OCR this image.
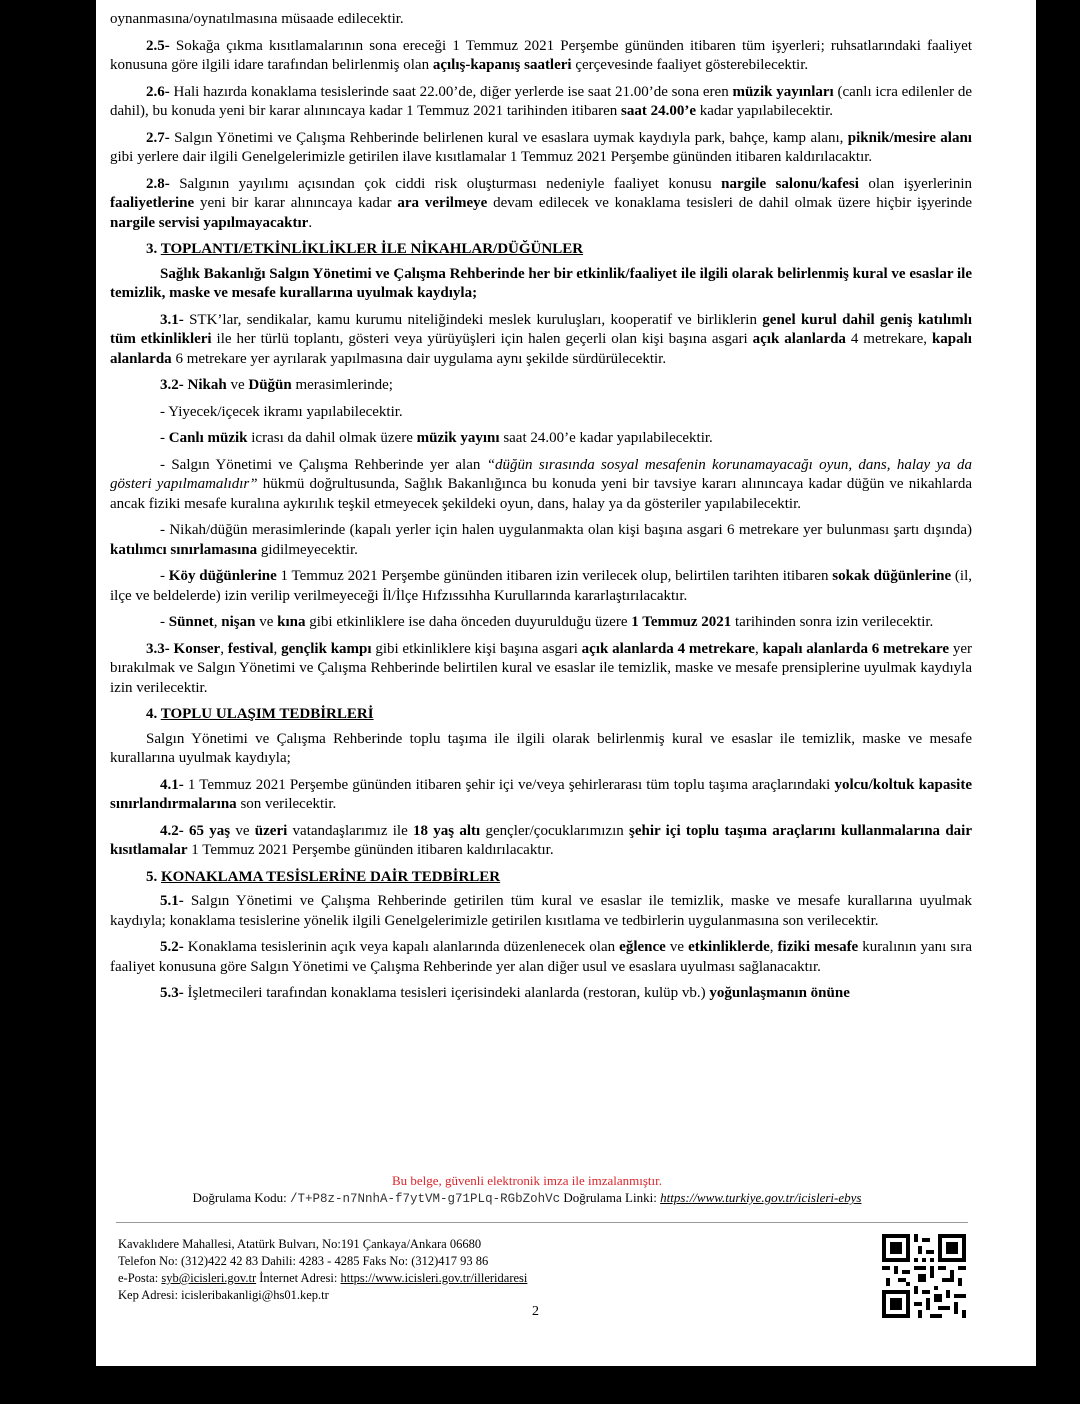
oynanmasına/oynatılmasına müsaade edilecektir.

2.5- Sokağa çıkma kısıtlamalarının sona ereceği 1 Temmuz 2021 Perşembe gününden itibaren tüm işyerleri; ruhsatlarındaki faaliyet konusuna göre ilgili idare tarafından belirlenmiş olan açılış-kapanış saatleri çerçevesinde faaliyet gösterebilecektir.

2.6- Hali hazırda konaklama tesislerinde saat 22.00’de, diğer yerlerde ise saat 21.00’de sona eren müzik yayınları (canlı icra edilenler de dahil), bu konuda yeni bir karar alınıncaya kadar 1 Temmuz 2021 tarihinden itibaren saat 24.00’e kadar yapılabilecektir.

2.7- Salgın Yönetimi ve Çalışma Rehberinde belirlenen kural ve esaslara uymak kaydıyla park, bahçe, kamp alanı, piknik/mesire alanı gibi yerlere dair ilgili Genelgelerimizle getirilen ilave kısıtlamalar 1 Temmuz 2021 Perşembe gününden itibaren kaldırılacaktır.

2.8- Salgının yayılımı açısından çok ciddi risk oluşturması nedeniyle faaliyet konusu nargile salonu/kafesi olan işyerlerinin faaliyetlerine yeni bir karar alınıncaya kadar ara verilmeye devam edilecek ve konaklama tesisleri de dahil olmak üzere hiçbir işyerinde nargile servisi yapılmayacaktır.

3. TOPLANTI/ETKİNLİKLİKLER İLE NİKAHLAR/DÜĞÜNLER

Sağlık Bakanlığı Salgın Yönetimi ve Çalışma Rehberinde her bir etkinlik/faaliyet ile ilgili olarak belirlenmiş kural ve esaslar ile temizlik, maske ve mesafe kurallarına uyulmak kaydıyla;

3.1- STK’lar, sendikalar, kamu kurumu niteliğindeki meslek kuruluşları, kooperatif ve birliklerin genel kurul dahil geniş katılımlı tüm etkinlikleri ile her türlü toplantı, gösteri veya yürüyüşleri için halen geçerli olan kişi başına asgari açık alanlarda 4 metrekare, kapalı alanlarda 6 metrekare yer ayrılarak yapılmasına dair uygulama aynı şekilde sürdürülecektir.

3.2- Nikah ve Düğün merasimlerinde;

- Yiyecek/içecek ikramı yapılabilecektir.

- Canlı müzik icrası da dahil olmak üzere müzik yayını saat 24.00’e kadar yapılabilecektir.

- Salgın Yönetimi ve Çalışma Rehberinde yer alan “düğün sırasında sosyal mesafenin korunamayacağı oyun, dans, halay ya da gösteri yapılmamalıdır” hükmü doğrultusunda, Sağlık Bakanlığınca bu konuda yeni bir tavsiye kararı alınıncaya kadar düğün ve nikahlarda ancak fiziki mesafe kuralına aykırılık teşkil etmeyecek şekildeki oyun, dans, halay ya da gösteriler yapılabilecektir.

- Nikah/düğün merasimlerinde (kapalı yerler için halen uygulanmakta olan kişi başına asgari 6 metrekare yer bulunması şartı dışında) katılımcı sınırlamasına gidilmeyecektir.

- Köy düğünlerine 1 Temmuz 2021 Perşembe gününden itibaren izin verilecek olup, belirtilen tarihten itibaren sokak düğünlerine (il, ilçe ve beldelerde) izin verilip verilmeyeceği İl/İlçe Hıfzıssıhha Kurullarında kararlaştırılacaktır.

- Sünnet, nişan ve kına gibi etkinliklere ise daha önceden duyurulduğu üzere 1 Temmuz 2021 tarihinden sonra izin verilecektir.

3.3- Konser, festival, gençlik kampı gibi etkinliklere kişi başına asgari açık alanlarda 4 metrekare, kapalı alanlarda 6 metrekare yer bırakılmak ve Salgın Yönetimi ve Çalışma Rehberinde belirtilen kural ve esaslar ile temizlik, maske ve mesafe prensiplerine uyulmak kaydıyla izin verilecektir.

4. TOPLU ULAŞIM TEDBİRLERİ

Salgın Yönetimi ve Çalışma Rehberinde toplu taşıma ile ilgili olarak belirlenmiş kural ve esaslar ile temizlik, maske ve mesafe kurallarına uyulmak kaydıyla;

4.1- 1 Temmuz 2021 Perşembe gününden itibaren şehir içi ve/veya şehirlerarası tüm toplu taşıma araçlarındaki yolcu/koltuk kapasite sınırlandırmalarına son verilecektir.

4.2- 65 yaş ve üzeri vatandaşlarımız ile 18 yaş altı gençler/çocuklarımızın şehir içi toplu taşıma araçlarını kullanmalarına dair kısıtlamalar 1 Temmuz 2021 Perşembe gününden itibaren kaldırılacaktır.

5. KONAKLAMA TESİSLERİNE DAİR TEDBİRLER

5.1- Salgın Yönetimi ve Çalışma Rehberinde getirilen tüm kural ve esaslar ile temizlik, maske ve mesafe kurallarına uyulmak kaydıyla; konaklama tesislerine yönelik ilgili Genelgelerimizle getirilen kısıtlama ve tedbirlerin uygulanmasına son verilecektir.

5.2- Konaklama tesislerinin açık veya kapalı alanlarında düzenlenecek olan eğlence ve etkinliklerde, fiziki mesafe kuralının yanı sıra faaliyet konusuna göre Salgın Yönetimi ve Çalışma Rehberinde yer alan diğer usul ve esaslara uyulması sağlanacaktır.

5.3- İşletmecileri tarafından konaklama tesisleri içerisindeki alanlarda (restoran, kulüp vb.) yoğunlaşmanın önüne

Bu belge, güvenli elektronik imza ile imzalanmıştır.
Doğrulama Kodu: /T+P8z-n7NnhA-f7ytVM-g71PLq-RGbZohVc Doğrulama Linki: https://www.turkiye.gov.tr/icisleri-ebys
Kavaklıdere Mahallesi, Atatürk Bulvarı, No:191 Çankaya/Ankara 06680
Telefon No: (312)422 42 83 Dahili: 4283 - 4285 Faks No: (312)417 93 86
e-Posta: syb@icisleri.gov.tr İnternet Adresi: https://www.icisleri.gov.tr/illeridaresi
Kep Adresi: icisleribakanligi@hs01.kep.tr
2
